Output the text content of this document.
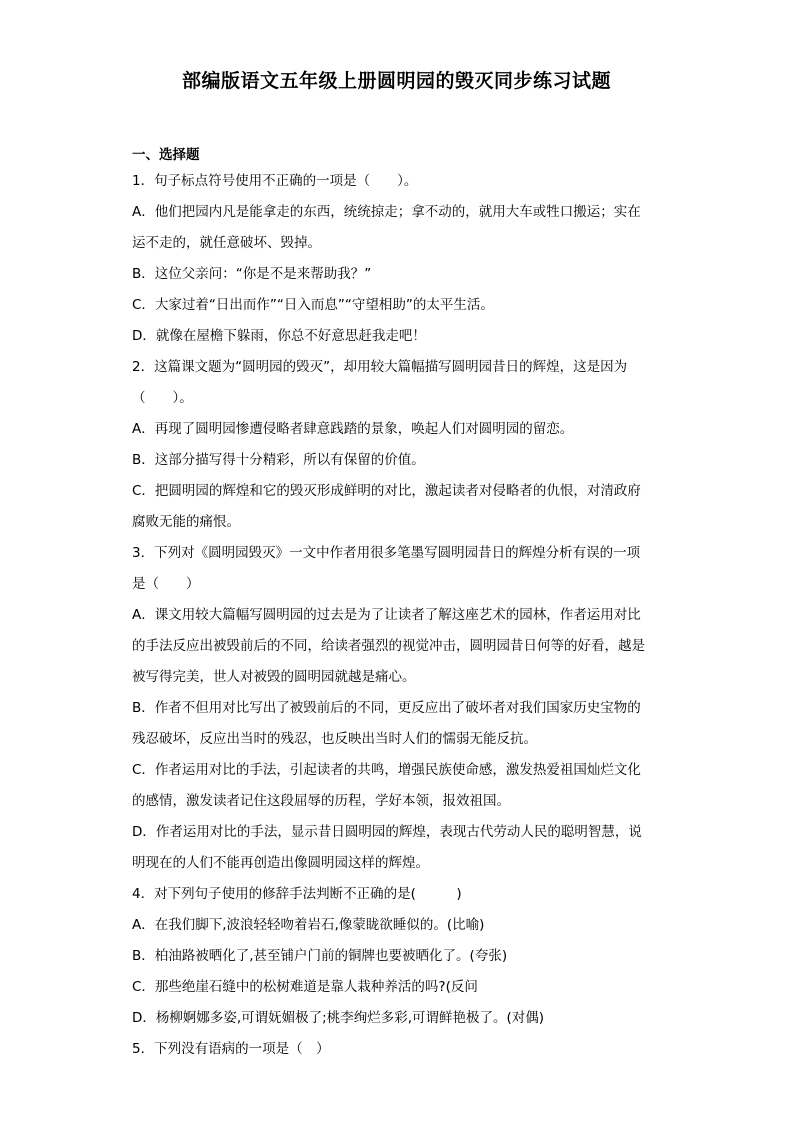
部编版语文五年级上册圆明园的毁灭同步练习试题
一、选择题
1．句子标点符号使用不正确的一项是（　　）。
A．他们把园内凡是能拿走的东西，统统掠走；拿不动的，就用大车或牲口搬运；实在
运不走的，就任意破坏、毁掉。
B．这位父亲问：“你是不是来帮助我？”
C．大家过着“日出而作”“日入而息”“守望相助”的太平生活。
D．就像在屋檐下躲雨，你总不好意思赶我走吧！
2．这篇课文题为“圆明园的毁灭”，却用较大篇幅描写圆明园昔日的辉煌，这是因为
（　　）。
A．再现了圆明园惨遭侵略者肆意践踏的景象，唤起人们对圆明园的留恋。
B．这部分描写得十分精彩，所以有保留的价值。
C．把圆明园的辉煌和它的毁灭形成鲜明的对比，激起读者对侵略者的仇恨，对清政府
腐败无能的痛恨。
3．下列对《圆明园毁灭》一文中作者用很多笔墨写圆明园昔日的辉煌分析有误的一项
是（　　）
A．课文用较大篇幅写圆明园的过去是为了让读者了解这座艺术的园林，作者运用对比
的手法反应出被毁前后的不同，给读者强烈的视觉冲击，圆明园昔日何等的好看，越是
被写得完美，世人对被毁的圆明园就越是痛心。
B．作者不但用对比写出了被毁前后的不同，更反应出了破坏者对我们国家历史宝物的
残忍破坏，反应出当时的残忍，也反映出当时人们的懦弱无能反抗。
C．作者运用对比的手法，引起读者的共鸣，增强民族使命感，激发热爱祖国灿烂文化
的感情，激发读者记住这段屈辱的历程，学好本领，报效祖国。
D．作者运用对比的手法，显示昔日圆明园的辉煌，表现古代劳动人民的聪明智慧，说
明现在的人们不能再创造出像圆明园这样的辉煌。
4．对下列句子使用的修辞手法判断不正确的是(　　　)
A．在我们脚下,波浪轻轻吻着岩石,像蒙眬欲睡似的。(比喻)
B．柏油路被晒化了,甚至铺户门前的铜牌也要被晒化了。(夸张)
C．那些绝崖石缝中的松树难道是靠人栽种养活的吗?(反问
D．杨柳婀娜多姿,可谓妩媚极了;桃李绚烂多彩,可谓鲜艳极了。(对偶)
5．下列没有语病的一项是（　）
